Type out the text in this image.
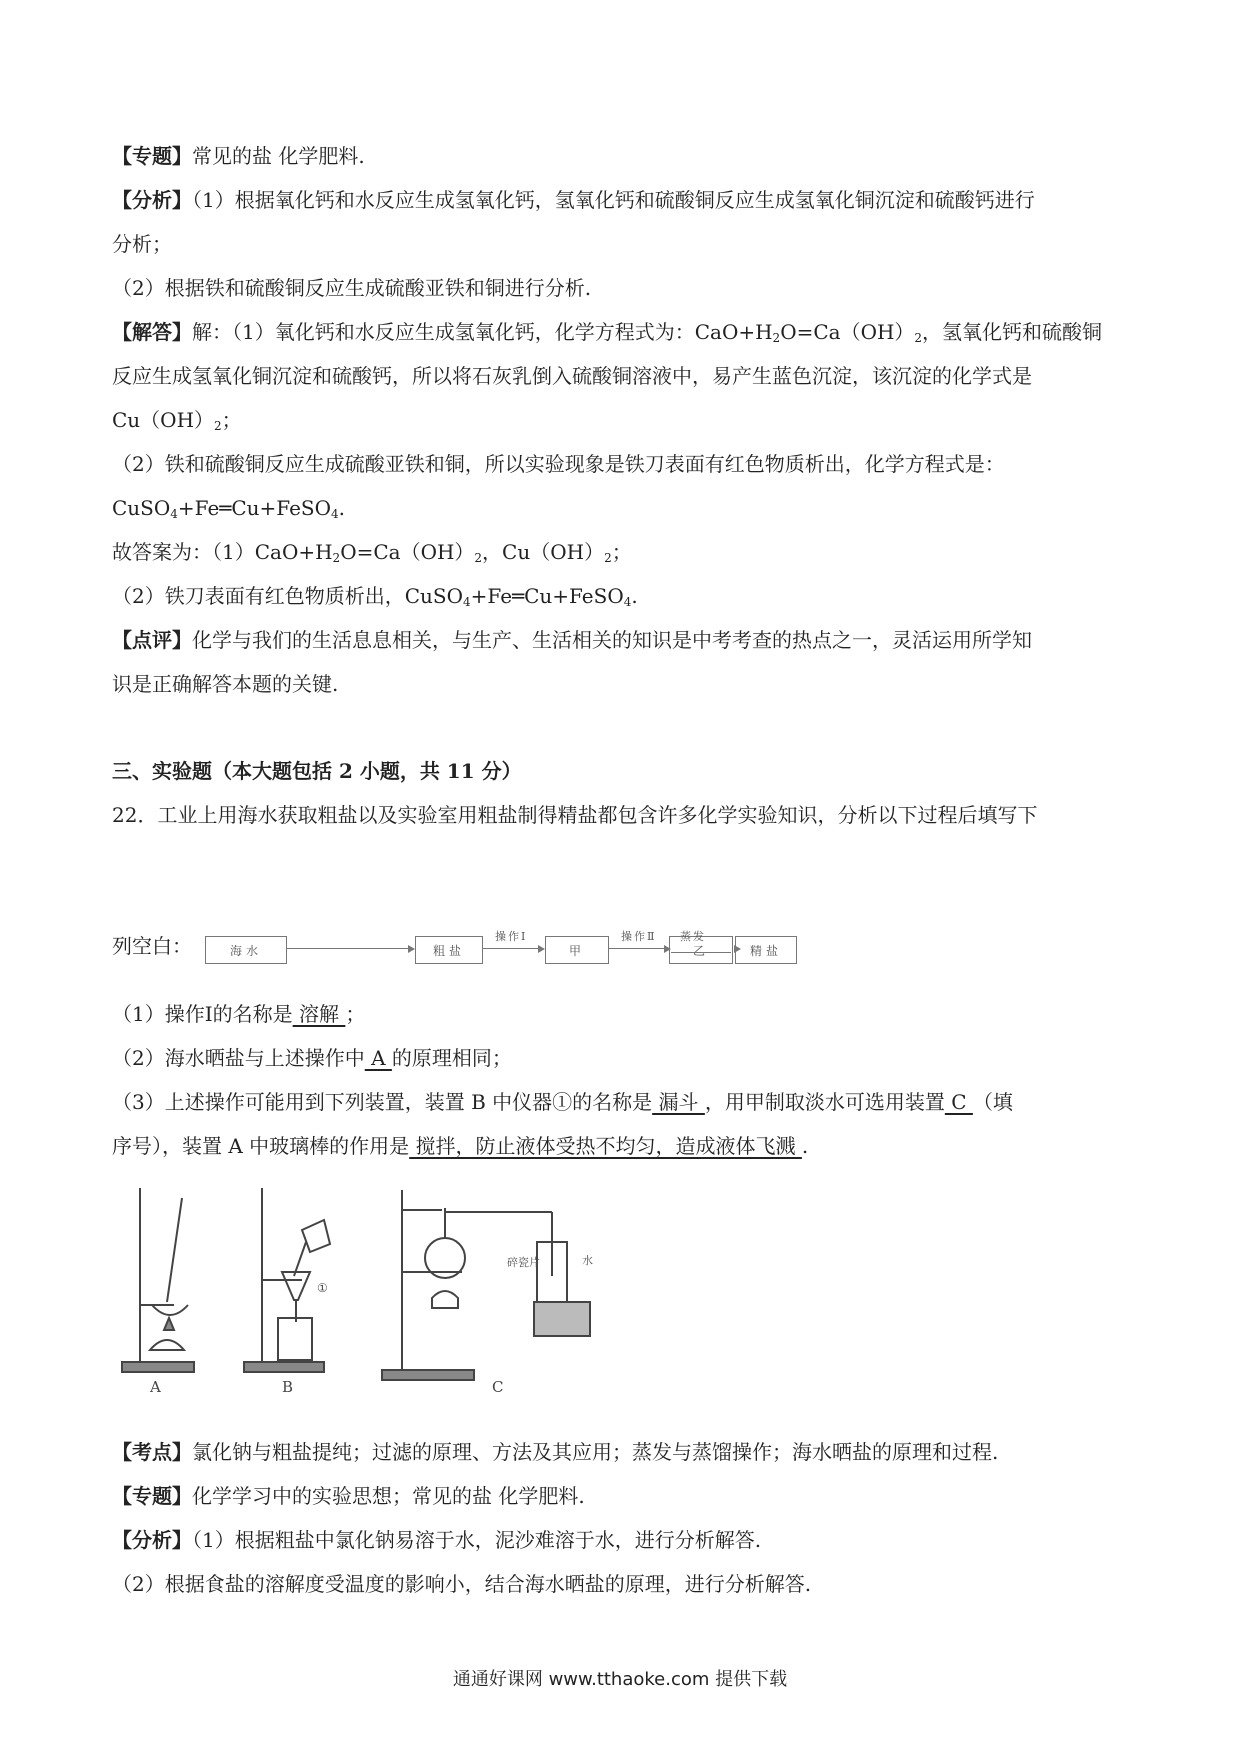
【专题】常见的盐 化学肥料.
【分析】（1）根据氧化钙和水反应生成氢氧化钙，氢氧化钙和硫酸铜反应生成氢氧化铜沉淀和硫酸钙进行
分析；
（2）根据铁和硫酸铜反应生成硫酸亚铁和铜进行分析.
【解答】解：（1）氧化钙和水反应生成氢氧化钙，化学方程式为：$CaO+H_2O=Ca(OH)_2$，氢氧化钙和硫酸铜
反应生成氢氧化铜沉淀和硫酸钙，所以将石灰乳倒入硫酸铜溶液中，易产生蓝色沉淀，该沉淀的化学式是
$Cu(OH)_2$；
（2）铁和硫酸铜反应生成硫酸亚铁和铜，所以实验现象是铁刀表面有红色物质析出，化学方程式是：
CuSO$_4$+Fe═Cu+FeSO$_4$.
故答案为：$(1)CaO+H_2O=Ca(OH)_2$，$Cu(OH)_2$；
（2）铁刀表面有红色物质析出，CuSO$_4$+Fe═Cu+FeSO$_4$.
【点评】化学与我们的生活息息相关，与生产、生活相关的知识是中考考查的热点之一，灵活运用所学知
识是正确解答本题的关键.
三、实验题（本大题包括 2 小题，共 11 分）
22．工业上用海水获取粗盐以及实验室用粗盐制得精盐都包含许多化学实验知识，分析以下过程后填写下
列空白：	海水	粗盐
操作Ⅰ
甲
操作Ⅱ
乙	精盐
蒸发
（1）操作Ⅰ的名称是 溶解 ；
（2）海水晒盐与上述操作中 A 的原理相同；
（3）上述操作可能用到下列装置，装置 B 中仪器①的名称是 漏斗 ，用甲制取淡水可选用装置 C （填
序号），装置 A 中玻璃棒的作用是 搅拌，防止液体受热不均匀，造成液体飞溅 .
碎瓷片	水
①
A	B	C
【考点】氯化钠与粗盐提纯；过滤的原理、方法及其应用；蒸发与蒸馏操作；海水晒盐的原理和过程.
【专题】化学学习中的实验思想；常见的盐 化学肥料.
【分析】（1）根据粗盐中氯化钠易溶于水，泥沙难溶于水，进行分析解答.
（2）根据食盐的溶解度受温度的影响小，结合海水晒盐的原理，进行分析解答.
通通好课网 www.tthaoke.com 提供下载
